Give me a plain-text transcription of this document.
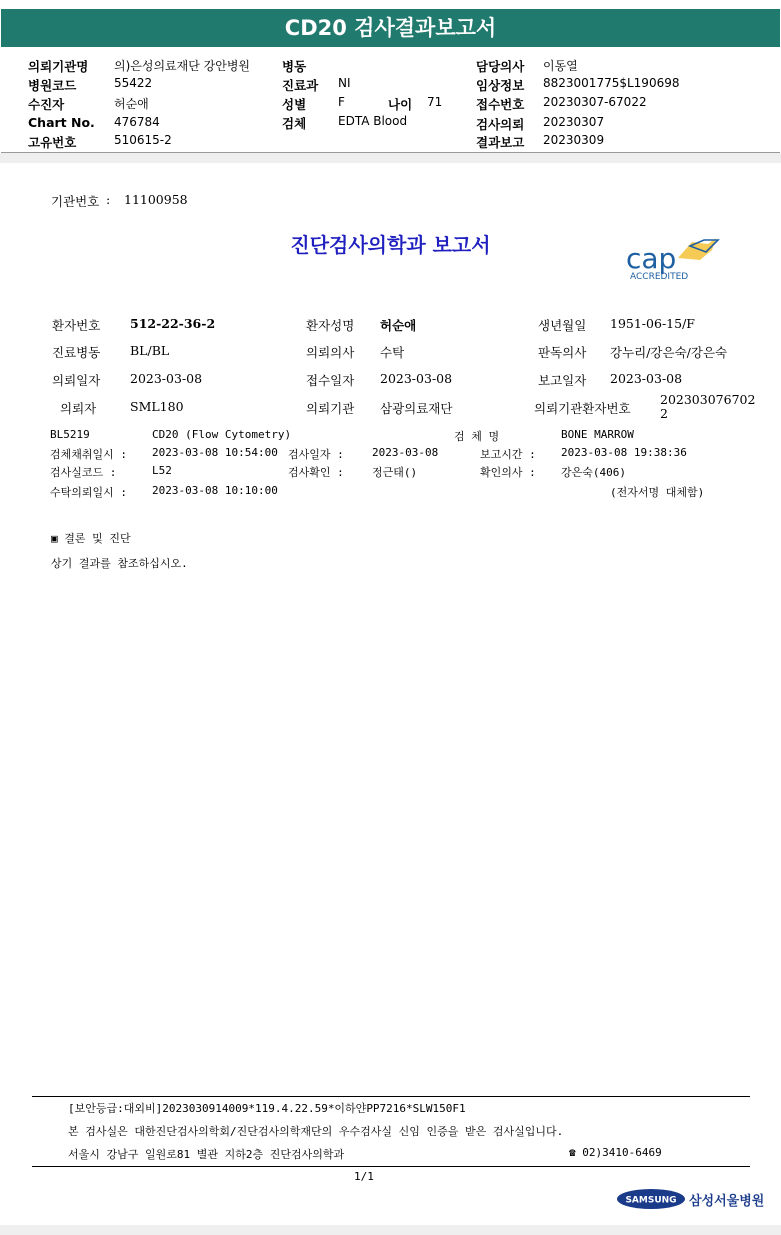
CD20 검사결과보고서
의뢰기관명 의)은성의료재단 강안병원
병원코드	55422
수진자	허순애
Chart No. 476784
고유번호	510615-2
병동
진료과 NI
성별	F	나이 71
검체	EDTA Blood
담당의사 이동열
임상정보 8823001775$L190698
접수번호 20230307-67022
검사의뢰 20230307
결과보고 20230309
기관번호 : 11100958
진단검사의학과 보고서	cap
ACCREDITED
환자번호 512-22-36-2	환자성명 허순애	생년월일 1951-06-15/F
진료병동 BL/BL	의뢰의사 수탁	판독의사 강누리/강은숙/강은숙
의뢰일자 2023-03-08	접수일자 2023-03-08	보고일자 2023-03-08
의뢰자	SML180	의뢰기관 삼광의료재단	의뢰기관환자번호
202303076702
2
BL5219	CD20 (Flow Cytometry)	검 체 명	BONE MARROW
검체채취일시 : 2023-03-08 10:54:00 검사일자 :	2023-03-08	보고시간 : 2023-03-08 19:38:36
검사실코드 :	L52	검사확인 :	정근태()	확인의사 : 강은숙(406)
수탁의뢰일시 : 2023-03-08 10:10:00	(전자서명 대체함)
▣ 결론 및 진단
상기 결과를 참조하십시오.
[보안등급:대외비]2023030914009*119.4.22.59*이하얀PP7216*SLW150F1
본 검사실은 대한진단검사의학회/진단검사의학재단의 우수검사실 신임 인증을 받은 검사실입니다.
서울시 강남구 일원로81 별관 지하2층 진단검사의학과	☎ 02)3410-6469
1/1
SAMSUNG 삼성서울병원
